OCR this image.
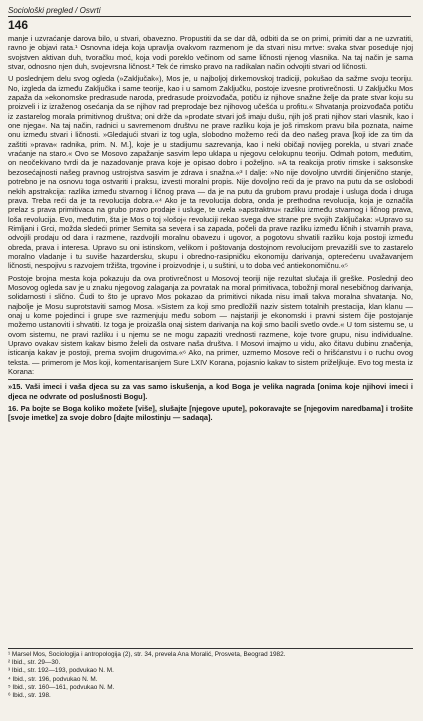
Sociološki pregled / Osvrti
146

manje i uzvraćanje darova bilo, u stvari, obavezno. Propustiti da se dar dâ, odbiti da se on primi, primiti dar a ne uzvratiti, ravno je objavi rata.¹ Osnovna ideja koja upravlja ovakvom razmenom je da stvari nisu mrtve: svaka stvar poseduje njoj svojstven aktivan duh, tvoračku moć, koja vodi poreklo večinom od same ličnosti njenog vlasnika. Na taj način je sama stvar, odnosno njen duh, svojevrsna ličnost.² Tek će rimsko pravo na radikalan način odvojiti stvari od ličnosti.

U poslednjem delu svog ogleda (»Zaključak«), Mos je, u najboljoj dirkemovskoj tradiciji, pokušao da sažme svoju teoriju. No, izgleda da između Zaključka i same teorije, kao i u samom Zaključku, postoje izvesne protivrečnosti. U Zaključku Mos zapaža da »ekonomske predrasude naroda, predrasude proizvođača, potiču iz njihove snažne želje da prate stvar koju su proizveli i iz izraženog osećanja da se njihov rad preprodaje bez njihovog učešća u profitu.« Shvatanja proizvođača potiču iz zastarelog morala primitivnog društva; oni drže da »prodate stvari još imaju dušu, njih još prati njihov stari vlasnik, kao i one njega«. Na taj način, radnici u savremenom društvu ne prave razliku koja je još rimskom pravu bila poznata, naime onu između stvari i ličnosti. »Gledajući stvari iz tog ugla, slobodno možemo reći da deo našeg prava [koji ide za tim da zaštiti »prava« radnika, prim. N. M.], koje je u stadijumu sazrevanja, kao i neki običaji novijeg porekla, u stvari znače vraćanje na staro.« Ovo se Mosovo zapažanje sasvim lepo uklapa u njegovu celokupnu teoriju. Odmah potom, međutim, on neočekivano tvrdi da je nazadovanje prava koje je opisao dobro i poželjno. »A ta reakcija protiv rimske i saksonske bezosećajnosti našeg pravnog ustrojstva sasvim je zdrava i snažna.«³ I dalje: »No nije dovoljno utvrditi činjenično stanje, potrebno je na osnovu toga ostvariti i praksu, izvesti moralni propis. Nije dovoljno reći da je pravo na putu da se oslobodi nekih apstrakcija: razlika između stvarnog i ličnog prava — da je na putu da grubom pravu prodaje i usluga doda i druga prava. Treba reći da je ta revolucija dobra.«⁴ Ako je ta revolucija dobra, onda je prethodna revolucija, koja je označila prelaz s prava primitivaca na grubo pravo prodaje i usluge, te uvela »apstraktnu« razliku između stvarnog i ličnog prava, loša revolucija. Evo, međutim, šta je Mos o toj »lošoj« revoluciji rekao svega dve strane pre svojih Zaključaka: »Upravo su Rimljani i Grci, možda sledeći primer Semita sa severa i sa zapada, počeli da prave razliku između ličnih i stvarnih prava, odvojili prodaju od dara i razmene, razdvojili moralnu obavezu i ugovor, a pogotovu shvatili razliku koja postoji između obreda, prava i interesa. Upravo su oni istinskom, velikom i poštovanja dostojnom revolucijom prevazišli sve to zastarelo moralno vladanje i tu suviše hazardersku, skupu i obredno-rasipničku ekonomiju darivanja, opterećenu uvažavanjem ličnosti, nespojivu s razvojem tržišta, trgovine i proizvodnje i, u suštini, u to doba već antiekonomičnu.«⁵

Postoje brojna mesta koja pokazuju da ova protivrečnost u Mosovoj teoriji nije rezultat slučaja ili greške. Poslednji deo Mosovog ogleda sav je u znaku njegovog zalaganja za povratak na moral primitivaca, tobožnji moral nesebičnog darivanja, solidarnosti i slično. Čudi to što je upravo Mos pokazao da primitivci nikada nisu imali takva moralna shvatanja. No, najbolje je Mosu suprotstaviti samog Mosa. »Sistem za koji smo predložili naziv sistem totalnih prestacija, klan klanu — onaj u kome pojedinci i grupe sve razmenjuju među sobom — najstariji je ekonomski i pravni sistem čije postojanje možemo ustanoviti i shvatiti. Iz toga je proizašla onaj sistem darivanja na koji smo bacili svetlo ovde.« U tom sistemu se, u ovom sistemu, ne pravi razliku i u njemu se ne mogu zapaziti vrednosti razmene, koje tvore grupu, nisu individualne. Upravo ovakav sistem kakav bismo želeli da ostvare naša društva. I Mosovi imajmo u vidu, ako čitavu dubinu značenja, isticanja kakav je postoji, prema svojim drugovima.«⁶ Ako, na primer, uzmemo Mosove reči o hrišćanstvu i o ruchu ovog teksta. — primerom je Mos koji, komentarisanjem Sure LXIV Korana, pojasnio kakav to sistem priželjkuje. Evo tog mesta iz Korana:

»15. Vaši imeci i vaša djeca su za vas samo iskušenja, a kod Boga je velika nagrada [onima koje njihovi imeci i djeca ne odvrate od poslušnosti Bogu].

16. Pa bojte se Boga koliko možete [više], slušajte [njegove upute], pokoravajte se [njegovim naredbama] i trošite [svoje imetke] za svoje dobro [dajte milostinju — sadaqa].

¹ Marsel Mos, Sociologija i antropologija (2), str. 34, prevela Ana Moralić, Prosveta, Beograd 1982.
² Ibid., str. 29—30.
³ Ibid., str. 192—193, podvukao N. M.
⁴ Ibid., str. 196, podvukao N. M.
⁵ Ibid., str. 160—161, podvukao N. M.
⁶ Ibid., str. 198.
